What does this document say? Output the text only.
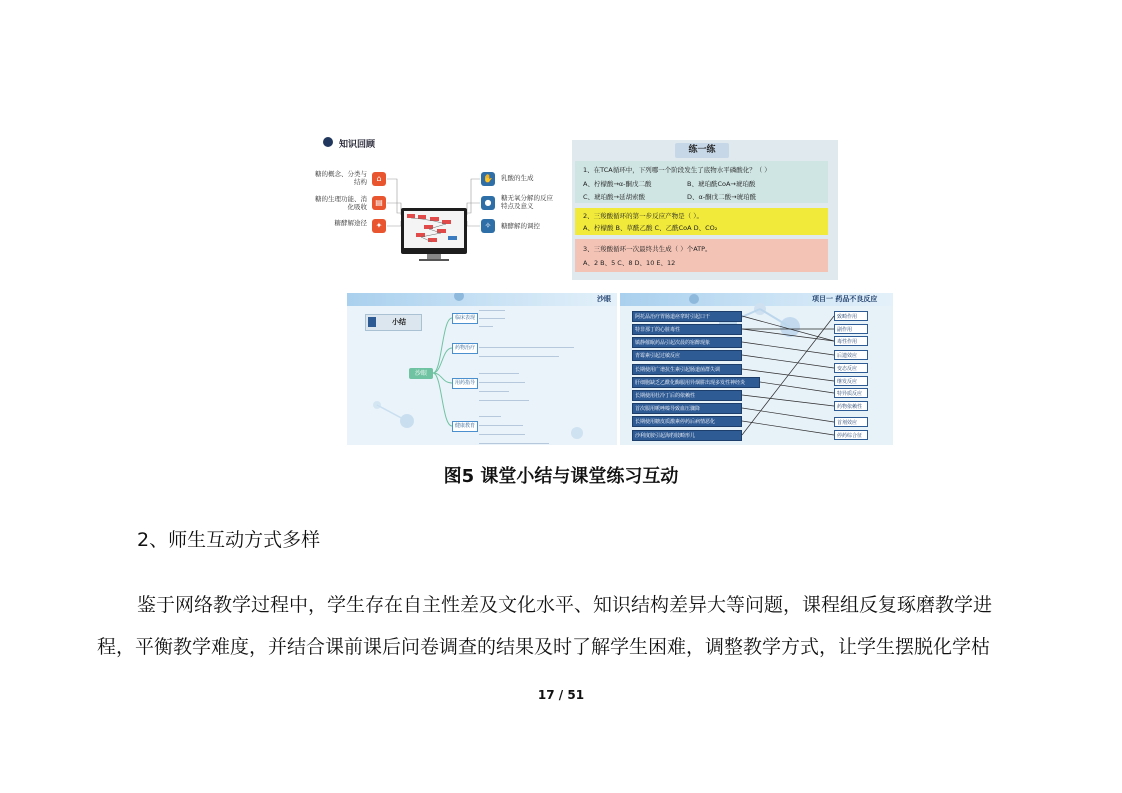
知识回顾
糖的概念、分类与结构	⌂
糖的生理功能、消化吸收	▤
糖酵解途径	✦
✋	乳酸的生成
●	糖无氧分解的反应特点及意义
✧	糖酵解的调控
练一练
1、在TCA循环中，下列哪一个阶段发生了底物水平磷酸化？（ ）
A、柠檬酸→α-酮戊二酸	B、琥珀酰CoA→琥珀酸
C、琥珀酸→延胡索酸	D、α-酮戊二酸→琥珀酰
2、三羧酸循环的第一步反应产物是（ ）。
A、柠檬酸 B、草酰乙酸 C、乙酰CoA D、CO₂
3、三羧酸循环一次最终共生成（ ）个ATP。
A、2 B、5 C、8 D、10 E、12
沙眼
小结
沙眼
临床表现
药物治疗
用药指导
健康教育
项目一 药品不良反应
阿托品治疗胃肠道痉挛时引起口干
特非那丁的心脏毒性
镇静催眠药品引起次晨的宿醉现象
青霉素引起过敏反应
长期使用广谱抗生素引起肠道菌群失调
肝细胞缺乏乙酰化酶服用异烟肼出现多发性神经炎
长期使用杜冷丁后的依赖性
首次服用哌唑嗪导致血压骤降
长期使用糖皮质激素停药后病情恶化
沙利度胺引起海豹肢畸形儿
致畸作用
副作用
毒性作用
后遗效应
变态反应
继发反应
特异质反应
药物依赖性
首剂效应
停药综合征
图5 课堂小结与课堂练习互动
2、师生互动方式多样
鉴于网络教学过程中，学生存在自主性差及文化水平、知识结构差异大等问题，课程组反复琢磨教学进
程，平衡教学难度，并结合课前课后问卷调查的结果及时了解学生困难，调整教学方式，让学生摆脱化学枯
17 / 51
